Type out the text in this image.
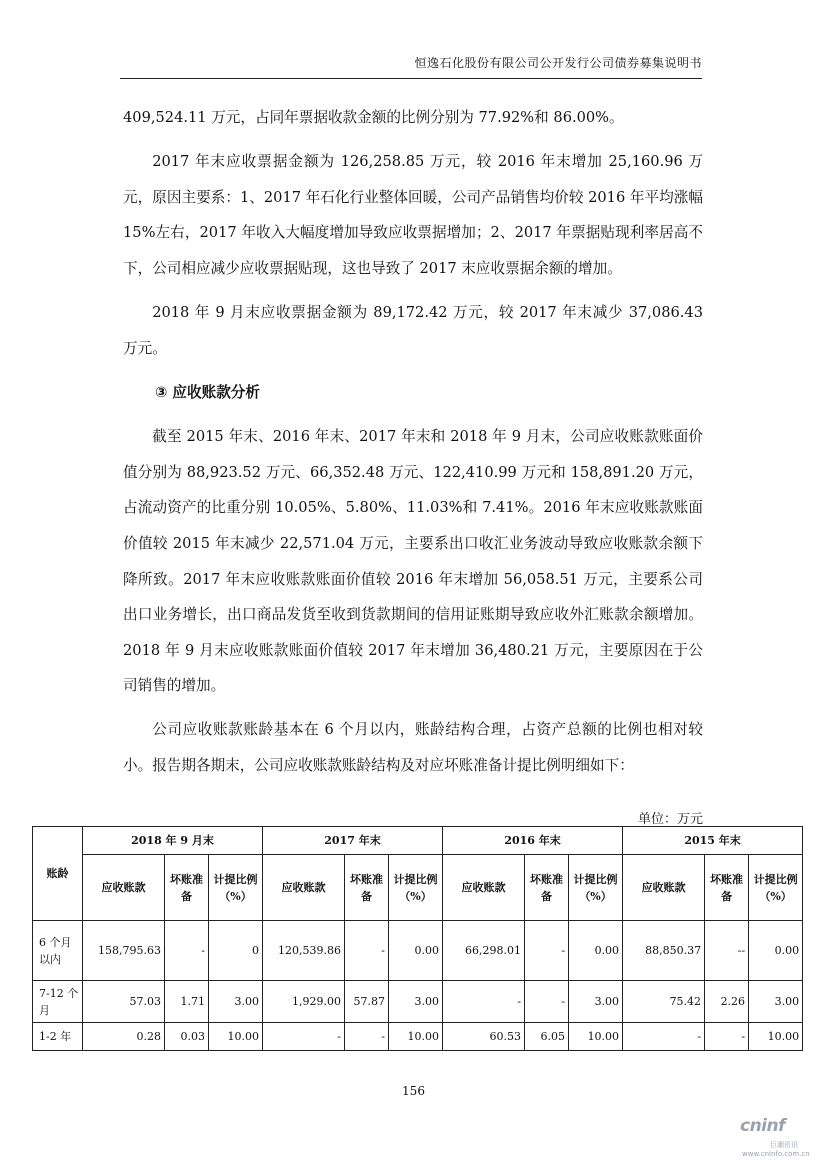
恒逸石化股份有限公司公开发行公司债券募集说明书

409,524.11 万元，占同年票据收款金额的比例分别为 77.92%和 86.00%。

2017 年末应收票据金额为 126,258.85 万元，较 2016 年末增加 25,160.96 万元，原因主要系：1、2017 年石化行业整体回暖，公司产品销售均价较 2016 年平均涨幅 15%左右，2017 年收入大幅度增加导致应收票据增加；2、2017 年票据贴现利率居高不下，公司相应减少应收票据贴现，这也导致了 2017 末应收票据余额的增加。

2018 年 9 月末应收票据金额为 89,172.42 万元，较 2017 年末减少 37,086.43 万元。

③ 应收账款分析

截至 2015 年末、2016 年末、2017 年末和 2018 年 9 月末，公司应收账款账面价值分别为 88,923.52 万元、66,352.48 万元、122,410.99 万元和 158,891.20 万元，占流动资产的比重分别 10.05%、5.80%、11.03%和 7.41%。2016 年末应收账款账面价值较 2015 年末减少 22,571.04 万元，主要系出口收汇业务波动导致应收账款余额下降所致。2017 年末应收账款账面价值较 2016 年末增加 56,058.51 万元，主要系公司出口业务增长，出口商品发货至收到货款期间的信用证账期导致应收外汇账款余额增加。2018 年 9 月末应收账款账面价值较 2017 年末增加 36,480.21 万元，主要原因在于公司销售的增加。

公司应收账款账龄基本在 6 个月以内，账龄结构合理，占资产总额的比例也相对较小。报告期各期末，公司应收账款账龄结构及对应坏账准备计提比例明细如下：

单位：万元
账龄	2018 年 9 月末			2017 年末			2016 年末			2015 年末		
	应收账款	坏账准备	计提比例（%）	应收账款	坏账准备	计提比例（%）	应收账款	坏账准备	计提比例（%）	应收账款	坏账准备	计提比例（%）
6 个月以内	158,795.63	-	0	120,539.86	-	0.00	66,298.01	-	0.00	88,850.37	--	0.00
7-12 个月	57.03	1.71	3.00	1,929.00	57.87	3.00	-	-	3.00	75.42	2.26	3.00
1-2 年	0.28	0.03	10.00	-	-	10.00	60.53	6.05	10.00	-	-	10.00
156
cninf
巨潮资讯
www.cninfo.com.cn
